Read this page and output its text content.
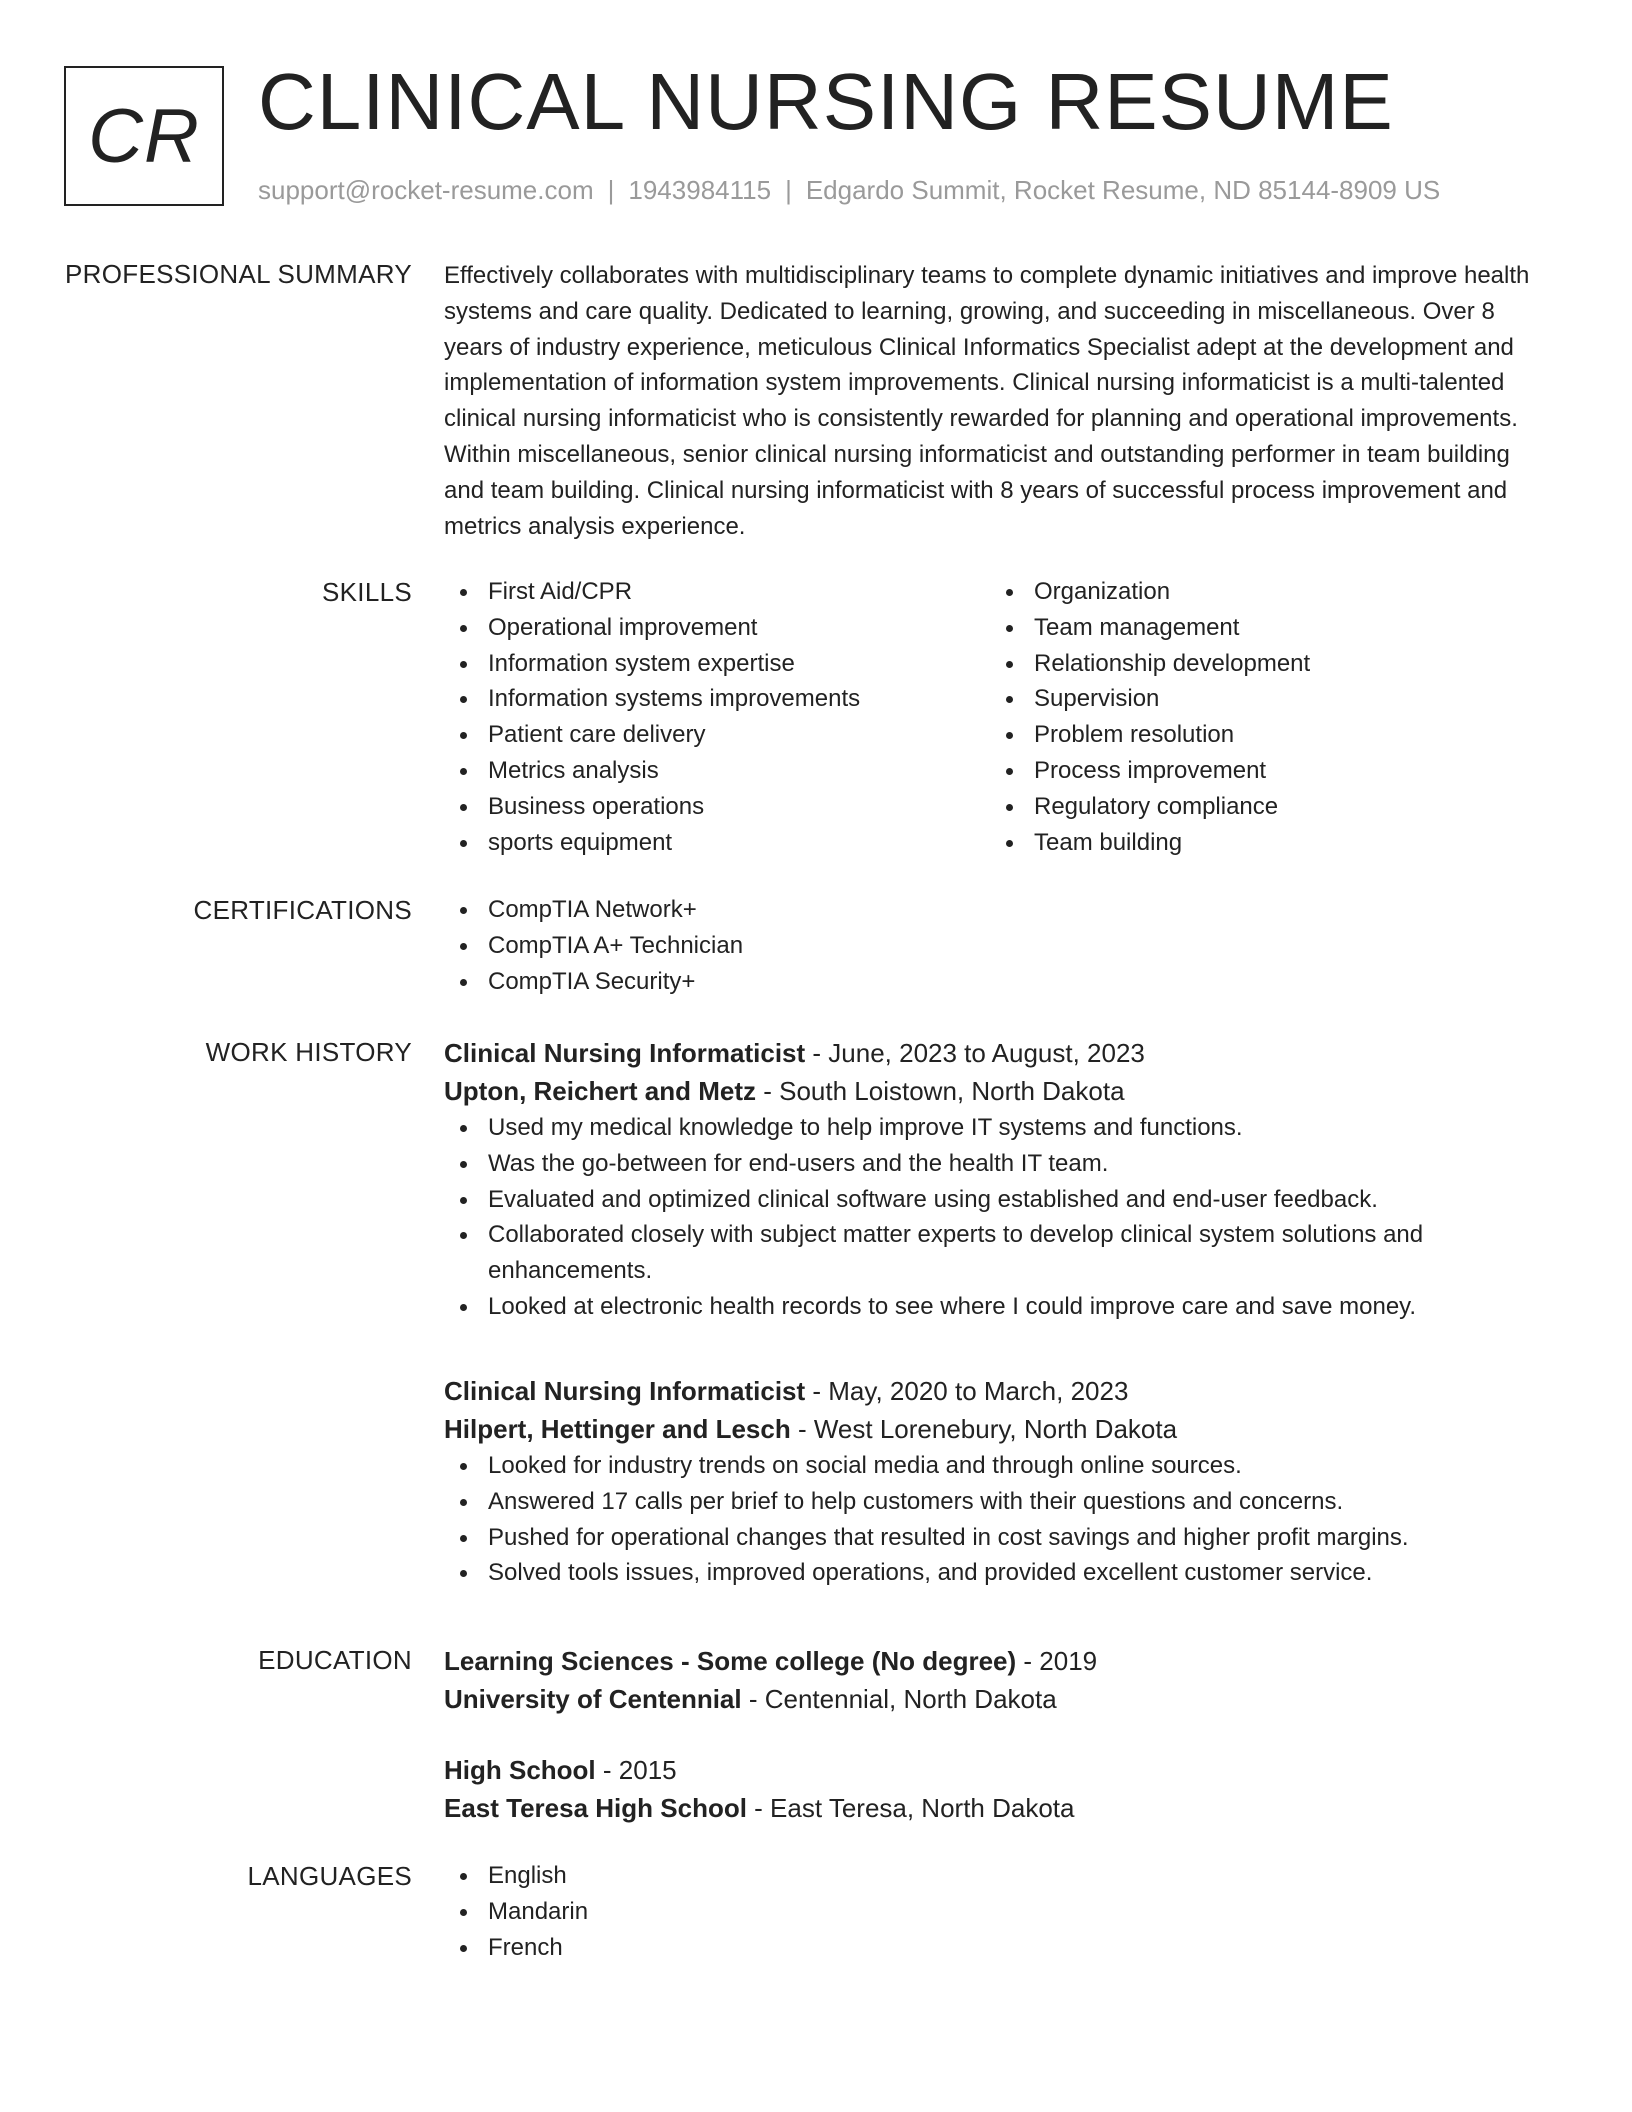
CR CLINICAL NURSING RESUME
support@rocket-resume.com | 1943984115 | Edgardo Summit, Rocket Resume, ND 85144-8909 US
PROFESSIONAL SUMMARY Effectively collaborates with multidisciplinary teams to complete dynamic initiatives and improve health systems and care quality. Dedicated to learning, growing, and succeeding in miscellaneous. Over 8 years of industry experience, meticulous Clinical Informatics Specialist adept at the development and implementation of information system improvements. Clinical nursing informaticist is a multi-talented clinical nursing informaticist who is consistently rewarded for planning and operational improvements. Within miscellaneous, senior clinical nursing informaticist and outstanding performer in team building and team building. Clinical nursing informaticist with 8 years of successful process improvement and metrics analysis experience.

SKILLS	First Aid/CPR
Operational improvement
Information system expertise
Information systems improvements
Patient care delivery
Metrics analysis
Business operations
sports equipment
Organization
Team management
Relationship development
Supervision
Problem resolution
Process improvement
Regulatory compliance
Team building
CERTIFICATIONS	CompTIA Network+
CompTIA A+ Technician
CompTIA Security+
WORK HISTORY Clinical Nursing Informaticist - June, 2023 to August, 2023
Upton, Reichert and Metz - South Loistown, North Dakota
Used my medical knowledge to help improve IT systems and functions.
Was the go-between for end-users and the health IT team.
Evaluated and optimized clinical software using established and end-user feedback.
Collaborated closely with subject matter experts to develop clinical system solutions and enhancements.
Looked at electronic health records to see where I could improve care and save money.
Clinical Nursing Informaticist - May, 2020 to March, 2023
Hilpert, Hettinger and Lesch - West Lorenebury, North Dakota
Looked for industry trends on social media and through online sources.
Answered 17 calls per brief to help customers with their questions and concerns.
Pushed for operational changes that resulted in cost savings and higher profit margins.
Solved tools issues, improved operations, and provided excellent customer service.
EDUCATION Learning Sciences - Some college (No degree) - 2019
University of Centennial - Centennial, North Dakota
High School - 2015
East Teresa High School - East Teresa, North Dakota
LANGUAGES	English
Mandarin
French
